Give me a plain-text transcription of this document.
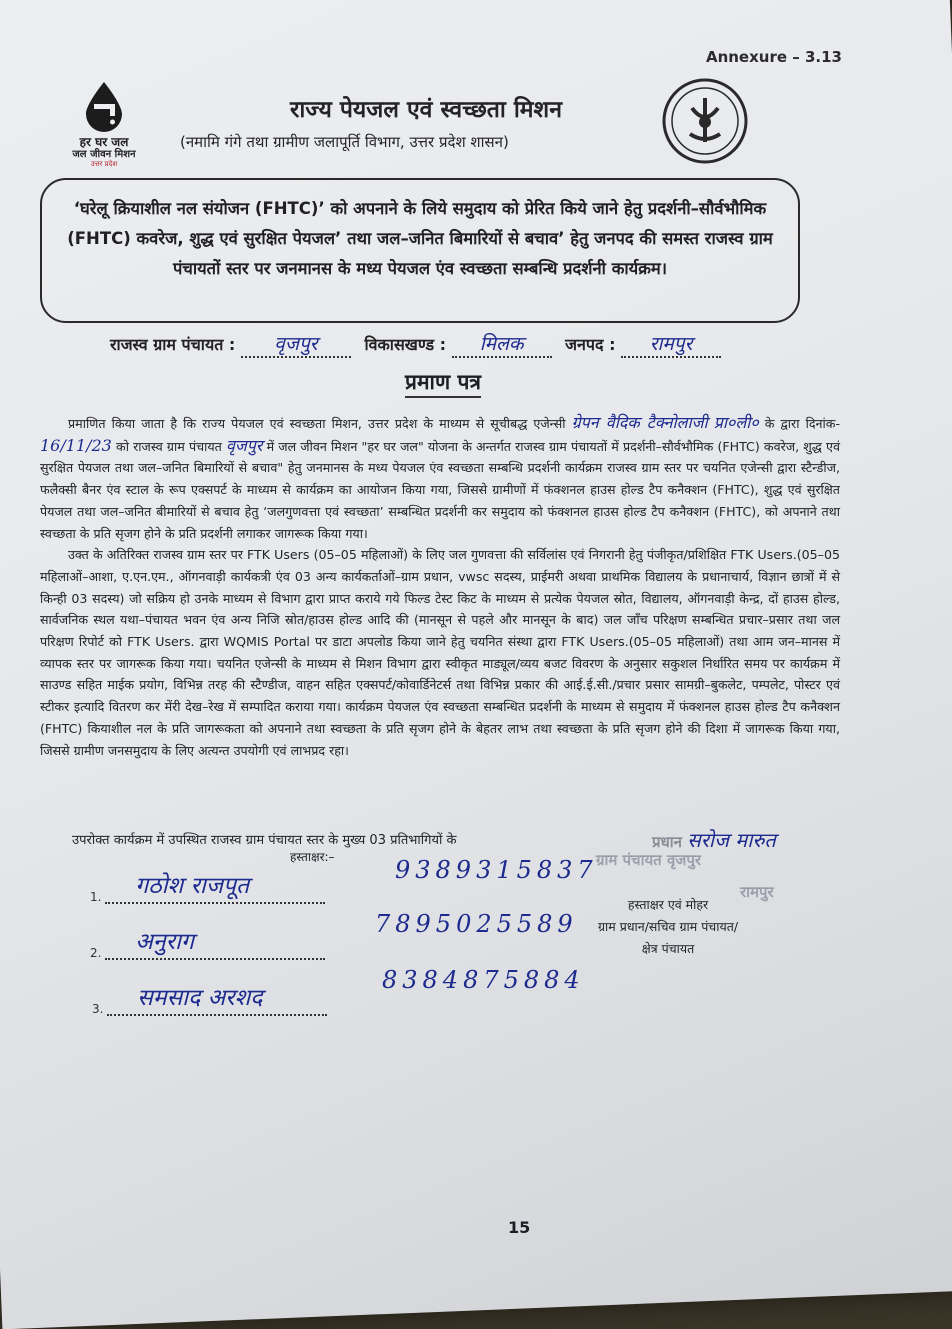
Annexure – 3.13
हर घर जल
जल जीवन मिशन
उत्तर प्रदेश
राज्य पेयजल एवं स्वच्छता मिशन
(नमामि गंगे तथा ग्रामीण जलापूर्ति विभाग, उत्तर प्रदेश शासन)
‘घरेलू क्रियाशील नल संयोजन (FHTC)’ को अपनाने के लिये समुदाय को प्रेरित किये जाने हेतु प्रदर्शनी–सौर्वभौमिक (FHTC) कवरेज, शुद्ध एवं सुरक्षित पेयजल’ तथा जल–जनित बिमारियों से बचाव’ हेतु जनपद की समस्त राजस्व ग्राम पंचायतों स्तर पर जनमानस के मध्य पेयजल एंव स्वच्छता सम्बन्धि प्रदर्शनी कार्यक्रम।
राजस्व ग्राम पंचायत : वृजपुर	विकासखण्ड : मिलक	जनपद : रामपुर
प्रमाण पत्र

प्रमाणित किया जाता है कि राज्य पेयजल एवं स्वच्छता मिशन, उत्तर प्रदेश के माध्यम से सूचीबद्ध एजेन्सी ग्रेपन वैदिक टैक्नोलाजी प्रा०ली० के द्वारा दिनांक- 16/11/23 को राजस्व ग्राम पंचायत वृजपुर में जल जीवन मिशन "हर घर जल" योजना के अन्तर्गत राजस्व ग्राम पंचायतों में प्रदर्शनी–सौर्वभौमिक (FHTC) कवरेज, शुद्ध एवं सुरक्षित पेयजल तथा जल–जनित बिमारियों से बचाव" हेतु जनमानस के मध्य पेयजल एंव स्वच्छता सम्बन्धि प्रदर्शनी कार्यक्रम राजस्व ग्राम स्तर पर चयनित एजेन्सी द्वारा स्टैन्डीज, फलैक्सी बैनर एंव स्टाल के रूप एक्सपर्ट के माध्यम से कार्यक्रम का आयोजन किया गया, जिससे ग्रामीणों में फंक्शनल हाउस होल्ड टैप कनैक्शन (FHTC), शुद्ध एवं सुरक्षित पेयजल तथा जल–जनित बीमारियों से बचाव हेतु ‘जलगुणवत्ता एवं स्वच्छता’ सम्बन्धित प्रदर्शनी कर समुदाय को फंक्शनल हाउस होल्ड टैप कनैक्शन (FHTC), को अपनाने तथा स्वच्छता के प्रति सृजग होने के प्रति प्रदर्शनी लगाकर जागरूक किया गया।

उक्त के अतिरिक्त राजस्व ग्राम स्तर पर FTK Users (05–05 महिलाओं) के लिए जल गुणवत्ता की सर्विलांस एवं निगरानी हेतु पंजीकृत/प्रशिक्षित FTK Users.(05–05 महिलाओं–आशा, ए.एन.एम., ऑगनवाड़ी कार्यकत्री एंव 03 अन्य कार्यकर्ताओं–ग्राम प्रधान, vwsc सदस्य, प्राईमरी अथवा प्राथमिक विद्यालय के प्रधानाचार्य, विज्ञान छात्रों में से किन्ही 03 सदस्य) जो सक्रिय हो उनके माध्यम से विभाग द्वारा प्राप्त कराये गये फिल्ड टेस्ट किट के माध्यम से प्रत्येक पेयजल स्रोत, विद्यालय, ऑगनवाड़ी केन्द्र, दों हाउस होल्ड, सार्वजनिक स्थल यथा–पंचायत भवन एंव अन्य निजि स्रोत/हाउस होल्ड आदि की (मानसून से पहले और मानसून के बाद) जल जाँच परिक्षण सम्बन्धित प्रचार–प्रसार तथा जल परिक्षण रिपोर्ट को FTK Users. द्वारा WQMIS Portal पर डाटा अपलोड किया जाने हेतु चयनित संस्था द्वारा FTK Users.(05–05 महिलाओं) तथा आम जन–मानस में व्यापक स्तर पर जागरूक किया गया। चयनित एजेन्सी के माध्यम से मिशन विभाग द्वारा स्वीकृत माड्यूल/व्यय बजट विवरण के अनुसार सकुशल निर्धारित समय पर कार्यक्रम में साउण्ड सहित माईक प्रयोग, विभिन्न तरह की स्टैण्डीज, वाहन सहित एक्सपर्ट/कोवार्डिनेटर्स तथा विभिन्न प्रकार की आई.ई.सी./प्रचार प्रसार सामग्री–बुकलेट, पम्पलेट, पोस्टर एवं स्टीकर इत्यादि वितरण कर मेंरी देख–रेख में सम्पादित कराया गया। कार्यक्रम पेयजल एंव स्वच्छता सम्बन्धित प्रदर्शनी के माध्यम से समुदाय में फंक्शनल हाउस होल्ड टैप कनैक्शन (FHTC) कियाशील नल के प्रति जागरूकता को अपनाने तथा स्वच्छता के प्रति सृजग होने के बेहतर लाभ तथा स्वच्छता के प्रति सृजग होने की दिशा में जागरूक किया गया, जिससे ग्रामीण जनसमुदाय के लिए अत्यन्त उपयोगी एवं लाभप्रद रहा।

उपरोक्त कार्यक्रम में उपस्थित राजस्व ग्राम पंचायत स्तर के मुख्य 03 प्रतिभागियों के
हस्ताक्षर:–
1. गठोश राजपूत
9389315837
2. अनुराग
7895025589
3. समसाद अरशद
8384875884
प्रधान सरोज मारुत
ग्राम पंचायत वृजपुर
रामपुर
हस्ताक्षर एवं मोहर
ग्राम प्रधान/सचिव ग्राम पंचायत/
क्षेत्र पंचायत
15
